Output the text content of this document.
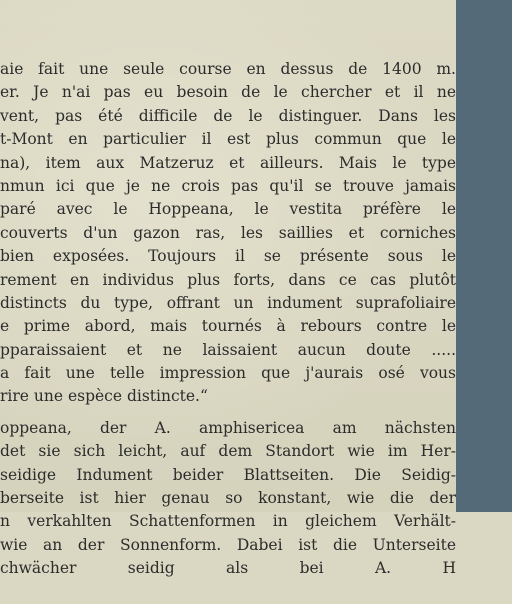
aie fait une seule course en dessus de 1400 m.
er. Je n'ai pas eu besoin de le chercher et il ne
vent, pas été difficile de le distinguer. Dans les
t-Mont en particulier il est plus commun que le
na), item aux Matzeruz et ailleurs. Mais le type
nmun ici que je ne crois pas qu'il se trouve jamais
paré avec le Hoppeana, le vestita préfère le
couverts d'un gazon ras, les saillies et corniches
bien exposées. Toujours il se présente sous le
rement en individus plus forts, dans ce cas plutôt
distincts du type, offrant un indument suprafoliaire
e prime abord, mais tournés à rebours contre le
pparaissaient et ne laissaient aucun doute .....
a fait une telle impression que j'aurais osé vous
rire une espèce distincte.“
oppeana, der A. amphisericea am nächsten
det sie sich leicht, auf dem Standort wie im Her-
seidige Indument beider Blattseiten. Die Seidig-
berseite ist hier genau so konstant, wie die der
n verkahlten Schattenformen in gleichem Verhält-
wie an der Sonnenform. Dabei ist die Unterseite
chwächer seidig als bei A. H
